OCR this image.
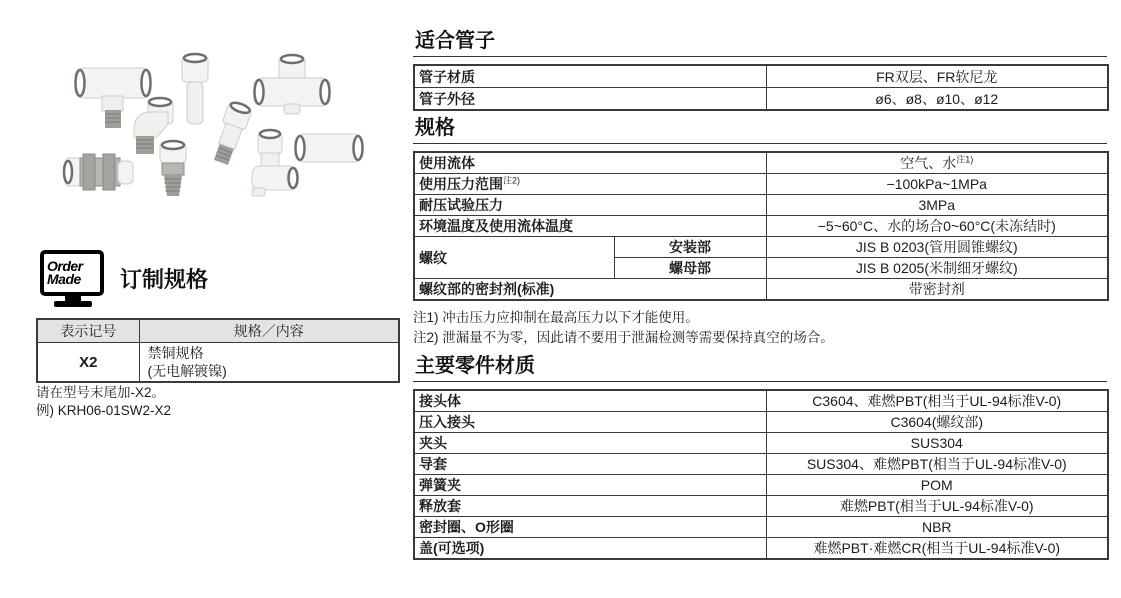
Order
Made	订制规格
表示记号	规格／内容
X2	禁铜规格
(无电解镀镍)
请在型号末尾加-X2。
例) KRH06-01SW2-X2
适合管子
管子材质	FR双层、FR软尼龙
管子外径	ø6、ø8、ø10、ø12
规格
使用流体		空气、水$^{注1)}$
使用压力范围$^{注2)}$		−100kPa~1MPa
耐压试验压力		3MPa
环境温度及使用流体温度		−5~60°C、水的场合0~60°C(未冻结时)
螺纹	安装部	JIS B 0203(管用圆锥螺纹)
	螺母部	JIS B 0205(米制细牙螺纹)
螺纹部的密封剂(标准)		带密封剂
注1) 冲击压力应抑制在最高压力以下才能使用。
注2) 泄漏量不为零，因此请不要用于泄漏检测等需要保持真空的场合。
主要零件材质
接头体	C3604、难燃PBT(相当于UL-94标准V-0)
压入接头	C3604(螺纹部)
夹头	SUS304
导套	SUS304、难燃PBT(相当于UL-94标准V-0)
弹簧夹	POM
释放套	难燃PBT(相当于UL-94标准V-0)
密封圈、O形圈	NBR
盖(可选项)	难燃PBT·难燃CR(相当于UL-94标准V-0)
